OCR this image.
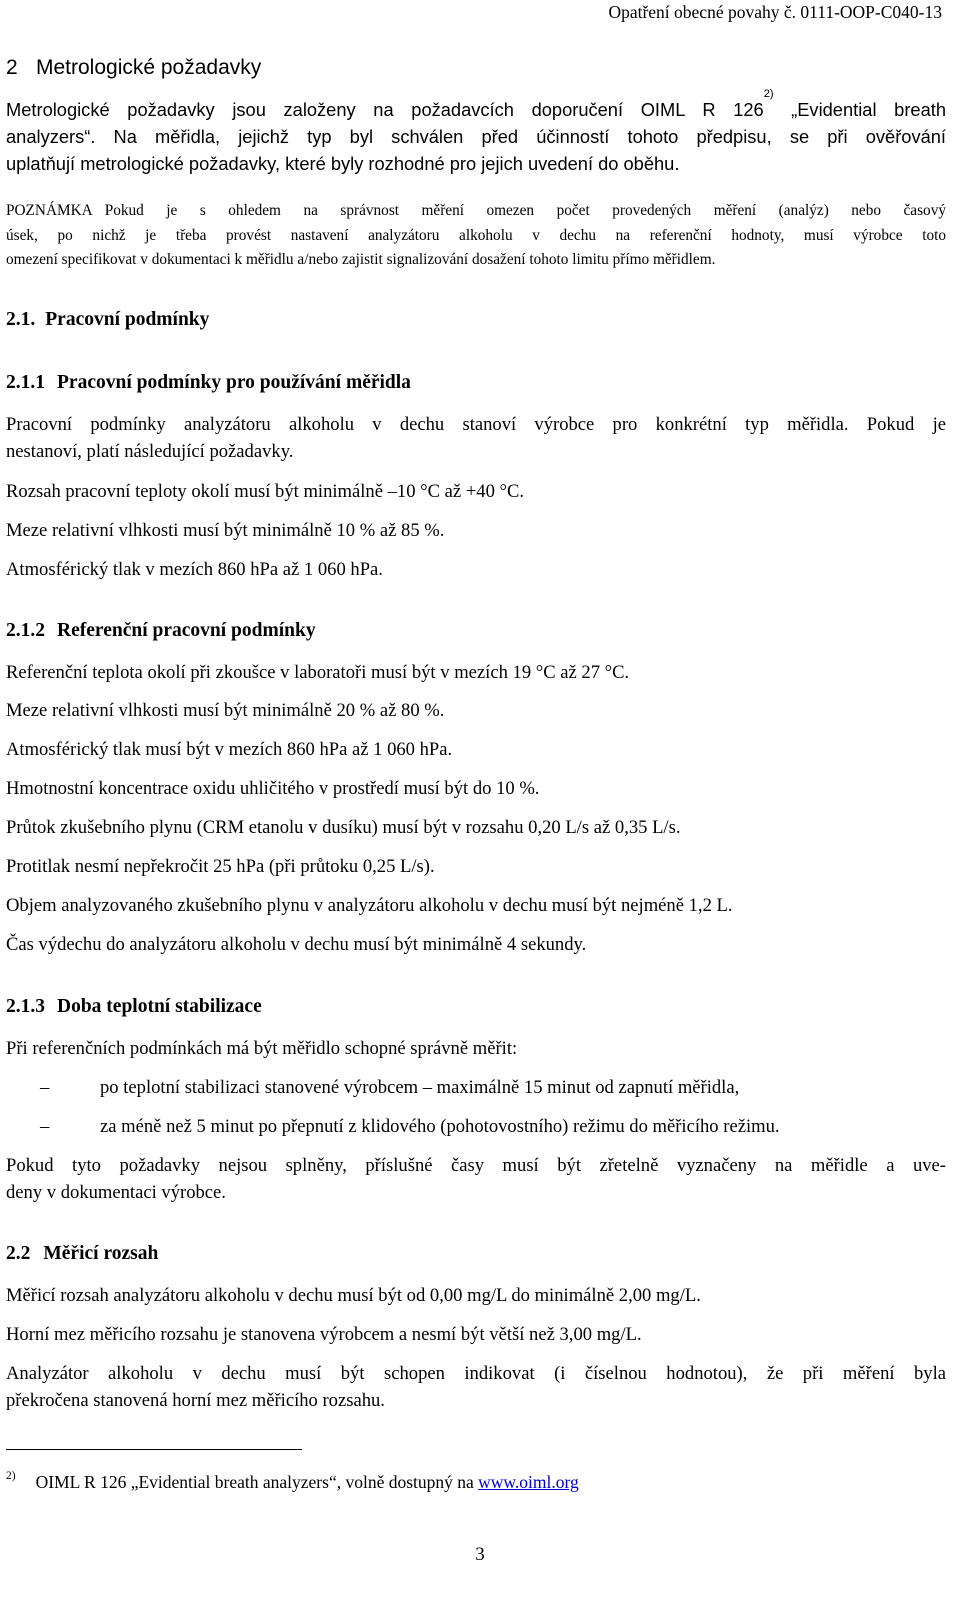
Opatření obecné povahy č. 0111-OOP-C040-13
2 Metrologické požadavky
Metrologické požadavky jsou založeny na požadavcích doporučení OIML R 126$^{2)}$ „Evidential breath
analyzers“. Na měřidla, jejichž typ byl schválen před účinností tohoto předpisu, se při ověřování
uplatňují metrologické požadavky, které byly rozhodné pro jejich uvedení do oběhu.
POZNÁMKA Pokud je s ohledem na správnost měření omezen počet provedených měření (analýz) nebo časový
úsek, po nichž je třeba provést nastavení analyzátoru alkoholu v dechu na referenční hodnoty, musí výrobce toto
omezení specifikovat v dokumentaci k měřidlu a/nebo zajistit signalizování dosažení tohoto limitu přímo měřidlem.
2.1. Pracovní podmínky
2.1.1 Pracovní podmínky pro používání měřidla
Pracovní podmínky analyzátoru alkoholu v dechu stanoví výrobce pro konkrétní typ měřidla. Pokud je
nestanoví, platí následující požadavky.
Rozsah pracovní teploty okolí musí být minimálně –10 °C až +40 °C.
Meze relativní vlhkosti musí být minimálně 10 % až 85 %.
Atmosférický tlak v mezích 860 hPa až 1 060 hPa.
2.1.2 Referenční pracovní podmínky
Referenční teplota okolí při zkoušce v laboratoři musí být v mezích 19 °C až 27 °C.
Meze relativní vlhkosti musí být minimálně 20 % až 80 %.
Atmosférický tlak musí být v mezích 860 hPa až 1 060 hPa.
Hmotnostní koncentrace oxidu uhličitého v prostředí musí být do 10 %.
Průtok zkušebního plynu (CRM etanolu v dusíku) musí být v rozsahu 0,20 L/s až 0,35 L/s.
Protitlak nesmí nepřekročit 25 hPa (při průtoku 0,25 L/s).
Objem analyzovaného zkušebního plynu v analyzátoru alkoholu v dechu musí být nejméně 1,2 L.
Čas výdechu do analyzátoru alkoholu v dechu musí být minimálně 4 sekundy.
2.1.3 Doba teplotní stabilizace
Při referenčních podmínkách má být měřidlo schopné správně měřit:
–	po teplotní stabilizaci stanovené výrobcem – maximálně 15 minut od zapnutí měřidla,
–	za méně než 5 minut po přepnutí z klidového (pohotovostního) režimu do měřicího režimu.
Pokud tyto požadavky nejsou splněny, příslušné časy musí být zřetelně vyznačeny na měřidle a uve-
deny v dokumentaci výrobce.
2.2 Měřicí rozsah
Měřicí rozsah analyzátoru alkoholu v dechu musí být od 0,00 mg/L do minimálně 2,00 mg/L.
Horní mez měřicího rozsahu je stanovena výrobcem a nesmí být větší než 3,00 mg/L.
Analyzátor alkoholu v dechu musí být schopen indikovat (i číselnou hodnotou), že při měření byla
překročena stanovená horní mez měřicího rozsahu.
$^{2)}$ OIML R 126 „Evidential breath analyzers“, volně dostupný na www.oiml.org
3
